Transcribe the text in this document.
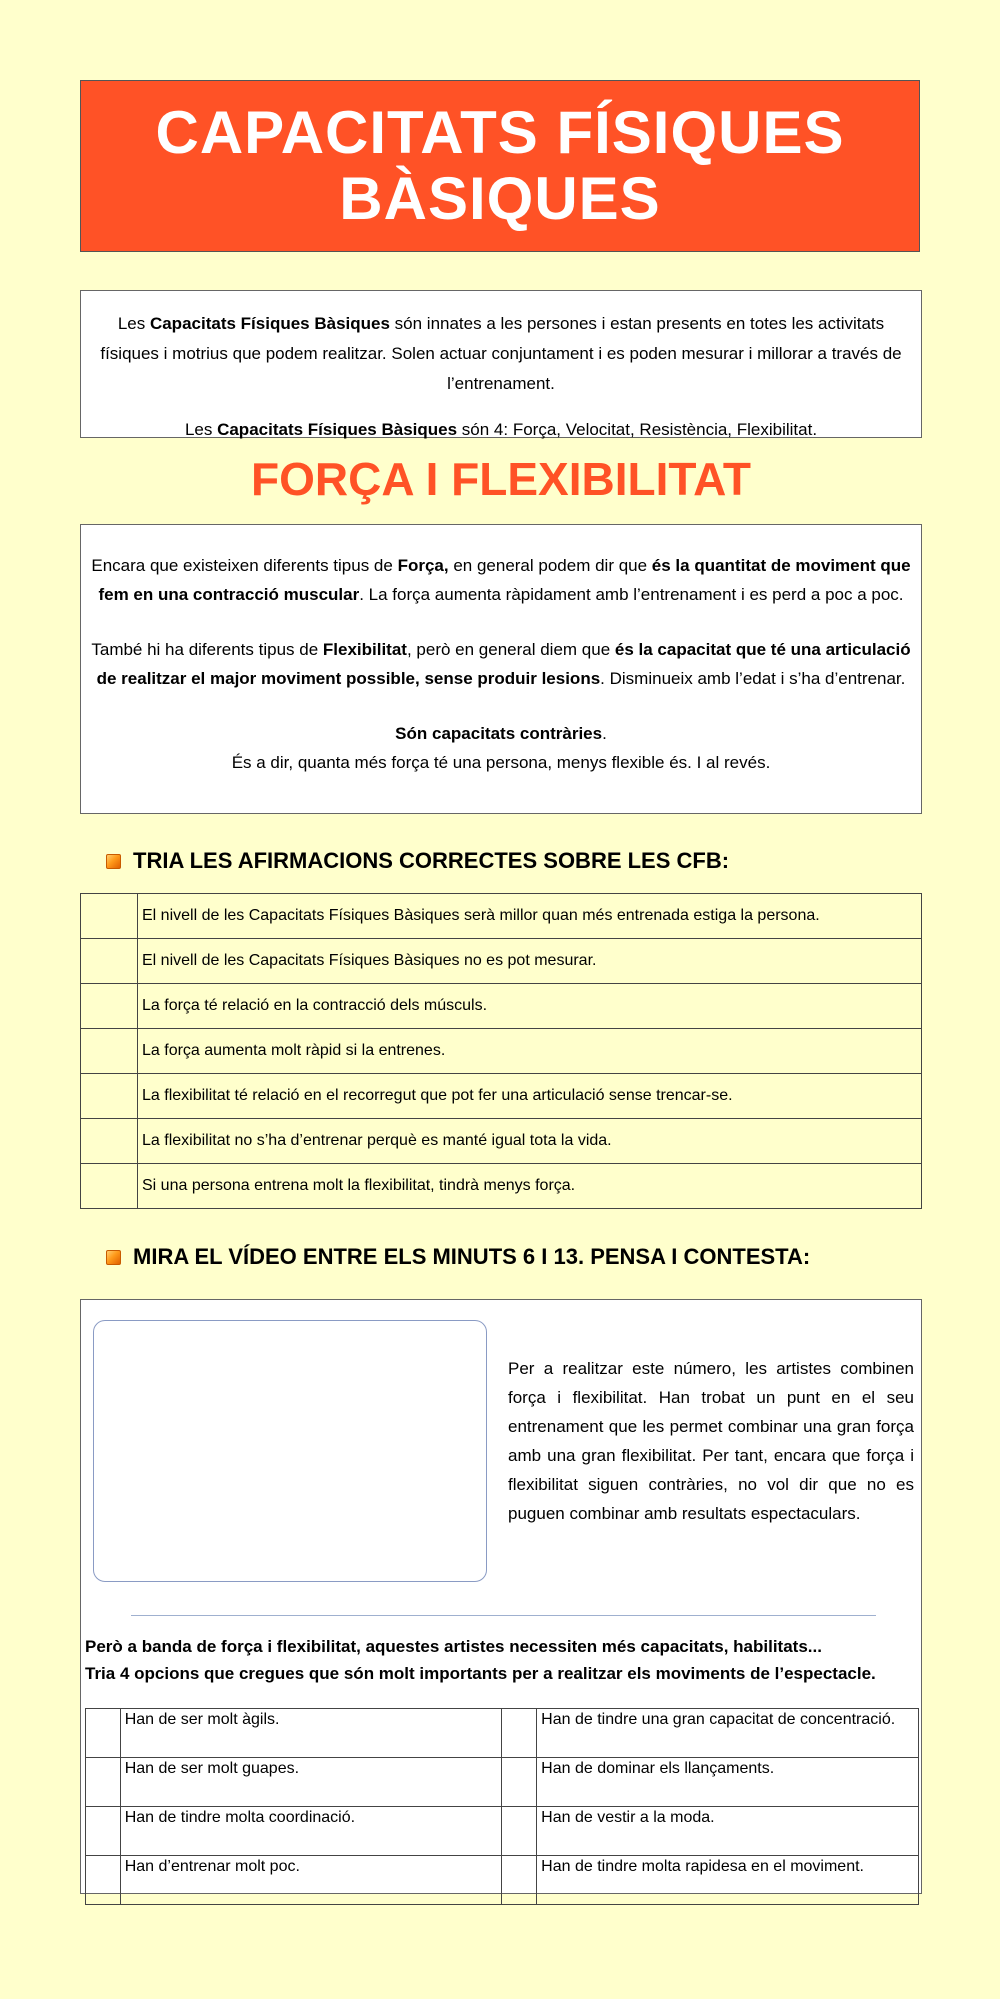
CAPACITATS FÍSIQUES BÀSIQUES

Les Capacitats Físiques Bàsiques són innates a les persones i estan presents en totes les activitats físiques i motrius que podem realitzar. Solen actuar conjuntament i es poden mesurar i millorar a través de l’entrenament.

Les Capacitats Físiques Bàsiques són 4: Força, Velocitat, Resistència, Flexibilitat.

FORÇA I FLEXIBILITAT

Encara que existeixen diferents tipus de Força, en general podem dir que és la quantitat de moviment que fem en una contracció muscular. La força aumenta ràpidament amb l’entrenament i es perd a poc a poc.

També hi ha diferents tipus de Flexibilitat, però en general diem que és la capacitat que té una articulació de realitzar el major moviment possible, sense produir lesions. Disminueix amb l’edat i s’ha d’entrenar.

Són capacitats contràries.
És a dir, quanta més força té una persona, menys flexible és. I al revés.

TRIA LES AFIRMACIONS CORRECTES SOBRE LES CFB:
	El nivell de les Capacitats Físiques Bàsiques serà millor quan més entrenada estiga la persona.
	El nivell de les Capacitats Físiques Bàsiques no es pot mesurar.
	La força té relació en la contracció dels músculs.
	La força aumenta molt ràpid si la entrenes.
	La flexibilitat té relació en el recorregut que pot fer una articulació sense trencar-se.
	La flexibilitat no s’ha d’entrenar perquè es manté igual tota la vida.
	Si una persona entrena molt la flexibilitat, tindrà menys força.
MIRA EL VÍDEO ENTRE ELS MINUTS 6 I 13. PENSA I CONTESTA:
Per a realitzar este número, les artistes combinen força i flexibilitat. Han trobat un punt en el seu entrenament que les permet combinar una gran força amb una gran flexibilitat. Per tant, encara que força i flexibilitat siguen contràries, no vol dir que no es puguen combinar amb resultats espectaculars.

Però a banda de força i flexibilitat, aquestes artistes necessiten més capacitats, habilitats...

Tria 4 opcions que cregues que són molt importants per a realitzar els moviments de l’espectacle.

	Han de ser molt àgils.		Han de tindre una gran capacitat de concentració.
	Han de ser molt guapes.		Han de dominar els llançaments.
	Han de tindre molta coordinació.		Han de vestir a la moda.
	Han d’entrenar molt poc.		Han de tindre molta rapidesa en el moviment.
